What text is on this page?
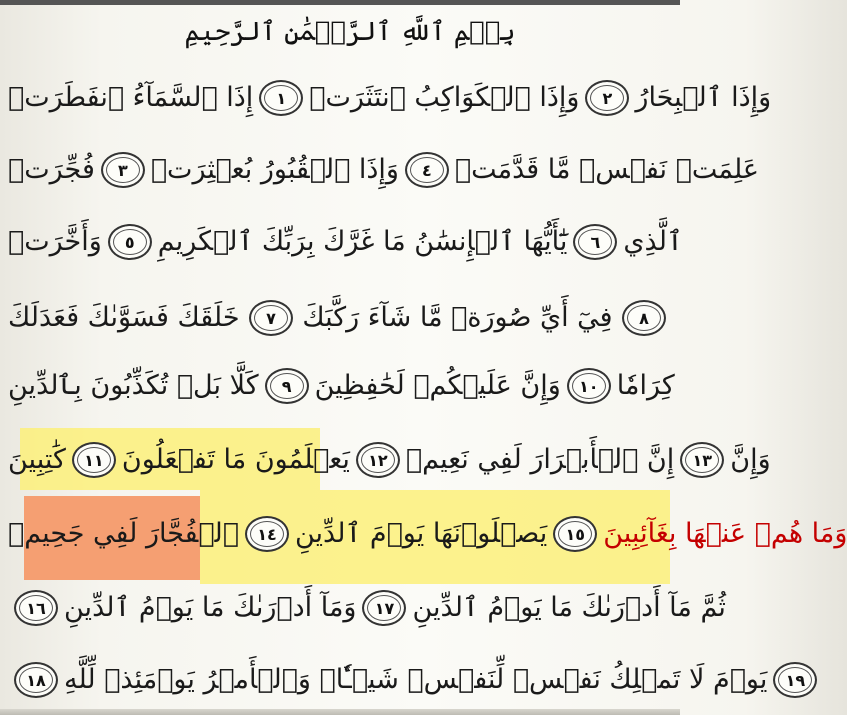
بِسۡمِ ٱللَّهِ ٱلرَّحۡمَٰنِ ٱلرَّحِيمِ
إِذَا ٱلسَّمَآءُ ٱنفَطَرَتۡ	١ وَإِذَا ٱلۡكَوَاكِبُ ٱنتَثَرَتۡ	٢ وَإِذَا ٱلۡبِحَارُ
فُجِّرَتۡ	٣ وَإِذَا ٱلۡقُبُورُ بُعۡثِرَتۡ	٤ عَلِمَتۡ نَفۡسٞ مَّا قَدَّمَتۡ
وَأَخَّرَتۡ	٥ يَٰٓأَيُّهَا ٱلۡإِنسَٰنُ مَا غَرَّكَ بِرَبِّكَ ٱلۡكَرِيمِ	٦ ٱلَّذِي
خَلَقَكَ فَسَوَّىٰكَ فَعَدَلَكَ	٧ فِيٓ أَيِّ صُورَةٖ مَّا شَآءَ رَكَّبَكَ	٨
كَلَّا بَلۡ تُكَذِّبُونَ بِٱلدِّينِ	٩ وَإِنَّ عَلَيۡكُمۡ لَحَٰفِظِينَ	١٠ كِرَامٗا
كَٰتِبِينَ	١١ يَعۡلَمُونَ مَا تَفۡعَلُونَ	١٢ إِنَّ ٱلۡأَبۡرَارَ لَفِي نَعِيمٖ	١٣ وَإِنَّ
ٱلۡفُجَّارَ لَفِي جَحِيمٖ	١٤ يَصۡلَوۡنَهَا يَوۡمَ ٱلدِّينِ	١٥ وَمَا هُمۡ عَنۡهَا بِغَآئِبِينَ
١٦ وَمَآ أَدۡرَىٰكَ مَا يَوۡمُ ٱلدِّينِ	١٧ ثُمَّ مَآ أَدۡرَىٰكَ مَا يَوۡمُ ٱلدِّينِ
١٨ يَوۡمَ لَا تَمۡلِكُ نَفۡسٞ لِّنَفۡسٖ شَيۡـٔٗاۖ وَٱلۡأَمۡرُ يَوۡمَئِذٖ لِّلَّهِ	١٩
